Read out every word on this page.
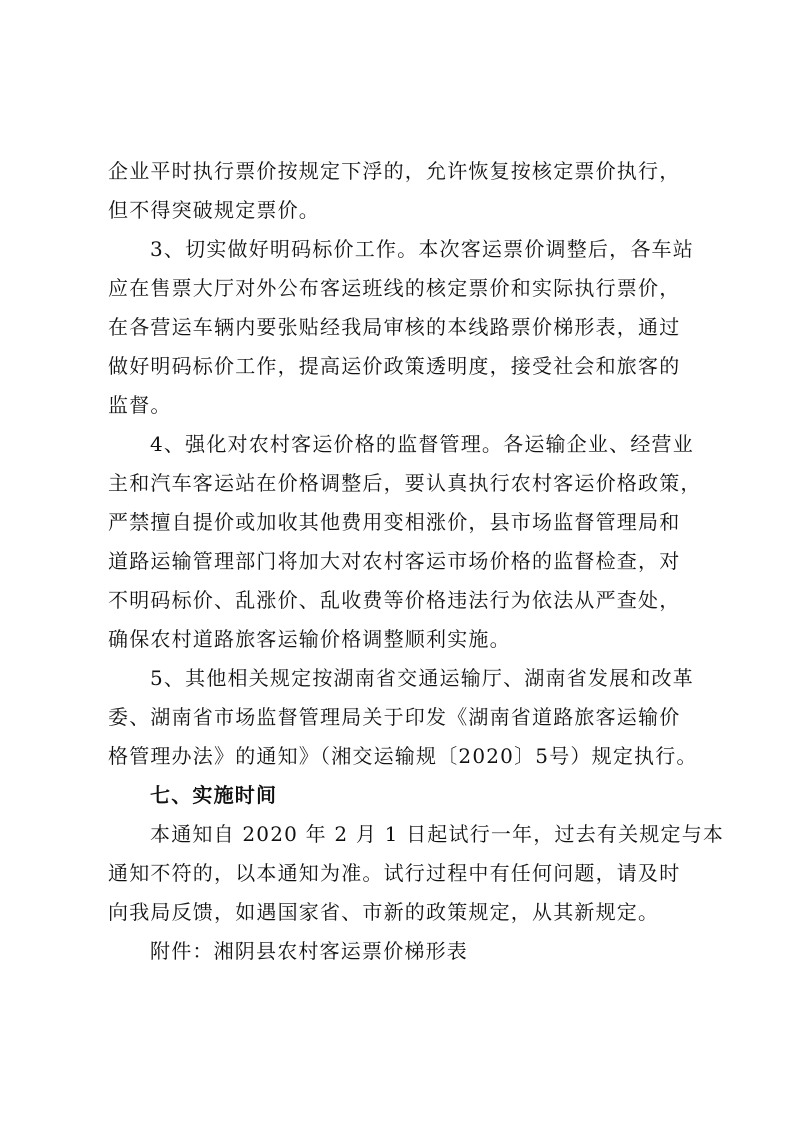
企业平时执行票价按规定下浮的，允许恢复按核定票价执行，
但不得突破规定票价。
3、切实做好明码标价工作。本次客运票价调整后，各车站
应在售票大厅对外公布客运班线的核定票价和实际执行票价，
在各营运车辆内要张贴经我局审核的本线路票价梯形表，通过
做好明码标价工作，提高运价政策透明度，接受社会和旅客的
监督。
4、强化对农村客运价格的监督管理。各运输企业、经营业
主和汽车客运站在价格调整后，要认真执行农村客运价格政策，
严禁擅自提价或加收其他费用变相涨价，县市场监督管理局和
道路运输管理部门将加大对农村客运市场价格的监督检查，对
不明码标价、乱涨价、乱收费等价格违法行为依法从严查处，
确保农村道路旅客运输价格调整顺利实施。
5、其他相关规定按湖南省交通运输厅、湖南省发展和改革
委、湖南省市场监督管理局关于印发《湖南省道路旅客运输价
格管理办法》的通知》（湘交运输规〔2020〕5号）规定执行。
七、实施时间
本通知自 2020 年 2 月 1 日起试行一年，过去有关规定与本
通知不符的，以本通知为准。试行过程中有任何问题，请及时
向我局反馈，如遇国家省、市新的政策规定，从其新规定。
附件：湘阴县农村客运票价梯形表
